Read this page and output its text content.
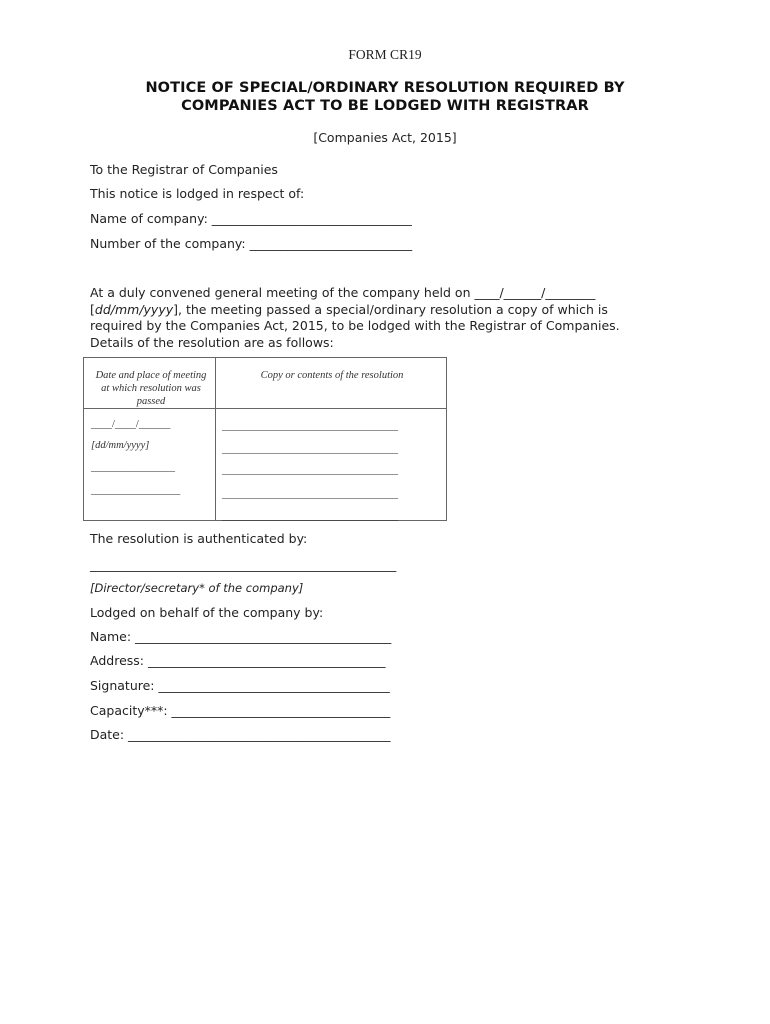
FORM CR19
NOTICE OF SPECIAL/ORDINARY RESOLUTION REQUIRED BY
COMPANIES ACT TO BE LODGED WITH REGISTRAR
[Companies Act, 2015]
To the Registrar of Companies
This notice is lodged in respect of:
Name of company: ________________________________
Number of the company: __________________________
At a duly convened general meeting of the company held on ____/______/________ [dd/mm/yyyy], the meeting passed a special/ordinary resolution a copy of which is required by the Companies Act, 2015, to be lodged with the Registrar of Companies. Details of the resolution are as follows:
Date and place of meeting at which resolution was passed
Copy or contents of the resolution
____/____/______
[dd/mm/yyyy]
________________
_________________
________________________________
________________________________
________________________________
________________________________
________________________________
The resolution is authenticated by:
_________________________________________________
[Director/secretary* of the company]
Lodged on behalf of the company by:
Name: _________________________________________
Address: ______________________________________
Signature: _____________________________________
Capacity***: ___________________________________
Date: __________________________________________
